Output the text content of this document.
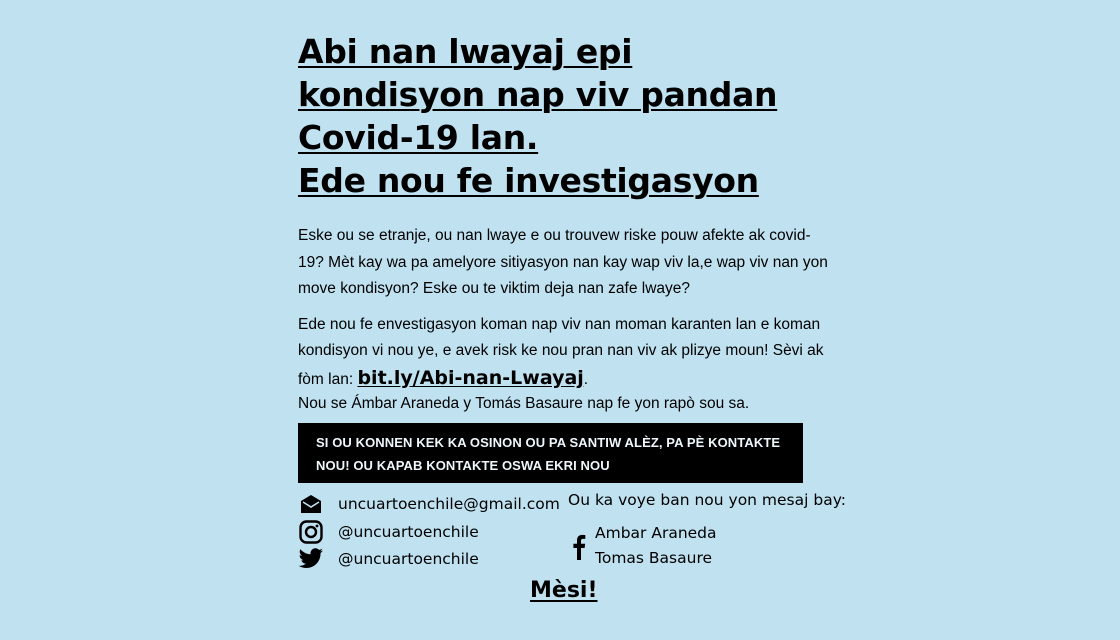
Abi nan lwayaj epi
kondisyon nap viv pandan
Covid-19 lan.
Ede nou fe investigasyon

Eske ou se etranje, ou nan lwaye e ou trouvew riske pouw afekte ak covid-19? Mèt kay wa pa amelyore sitiyasyon nan kay wap viv la,e wap viv nan yon move kondisyon? Eske ou te viktim deja nan zafe lwaye?

Ede nou fe envestigasyon koman nap viv nan moman karanten lan e koman kondisyon vi nou ye, e avek risk ke nou pran nan viv ak plizye moun! Sèvi ak fòm lan: bit.ly/Abi-nan-Lwayaj.

Nou se Ámbar Araneda y Tomás Basaure nap fe yon rapò sou sa.

SI OU KONNEN KEK KA OSINON OU PA SANTIW ALÈZ, PA PÈ KONTAKTE NOU! OU KAPAB KONTAKTE OSWA EKRI NOU
uncuartoenchile@gmail.com
@uncuartoenchile
@uncuartoenchile
Ou ka voye ban nou yon mesaj bay:
Ambar Araneda
Tomas Basaure
Mèsi!
